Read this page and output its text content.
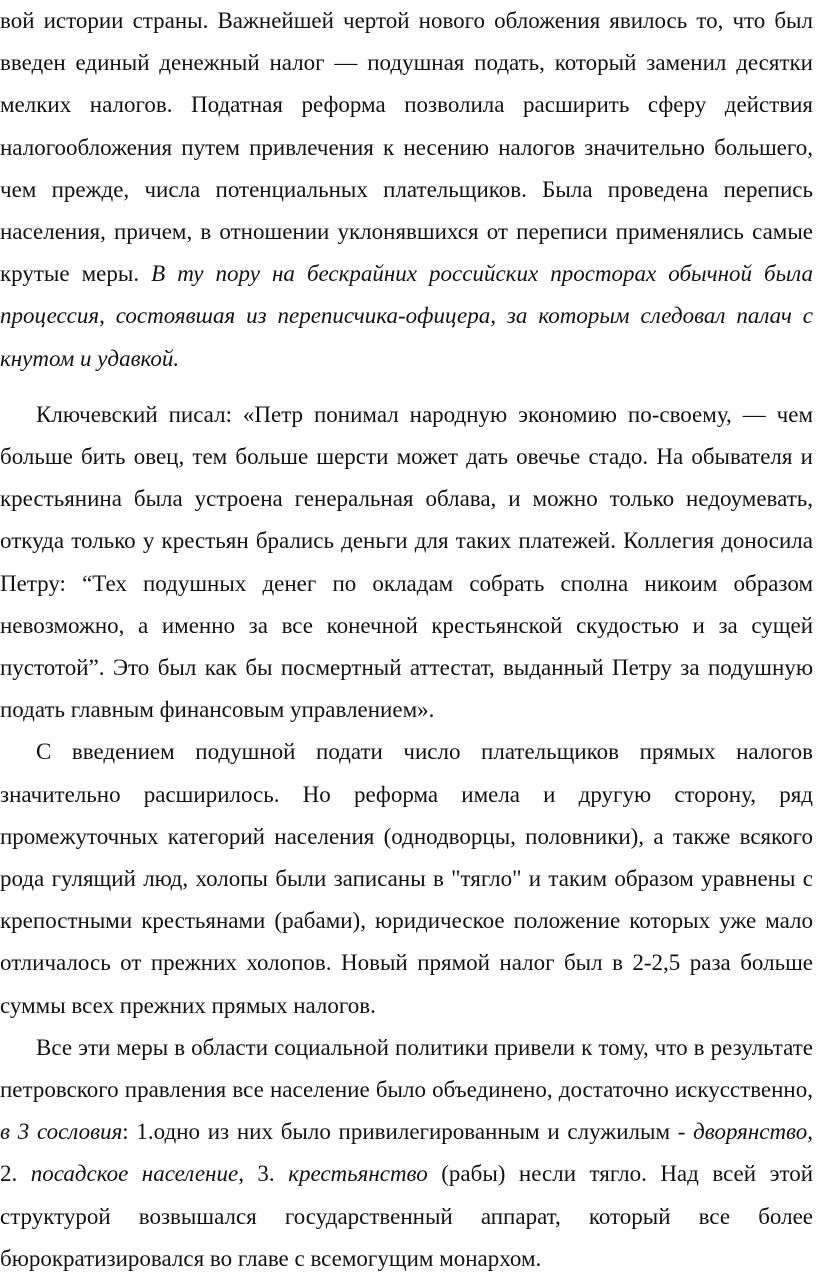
вой истории страны. Важнейшей чертой нового обложения явилось то, что был введен единый денежный налог — подушная подать, который заменил десятки мелких налогов. Податная реформа позволила расширить сферу действия налогообложения путем привлечения к несению налогов значительно большего, чем прежде, числа потенциальных плательщиков. Была проведена перепись населения, причем, в отношении уклонявшихся от переписи применялись самые крутые меры. В ту пору на бескрайних российских просторах обычной была процессия, состоявшая из переписчика-офицера, за которым следовал палач с кнутом и удавкой.

Ключевский писал: «Петр понимал народную экономию по-своему, — чем больше бить овец, тем больше шерсти может дать овечье стадо. На обывателя и крестьянина была устроена генеральная облава, и можно только недоумевать, откуда только у крестьян брались деньги для таких платежей. Коллегия доносила Петру: “Тех подушных денег по окладам собрать сполна никоим образом невозможно, а именно за все конечной крестьянской скудостью и за сущей пустотой”. Это был как бы посмертный аттестат, выданный Петру за подушную подать главным финансовым управлением».

С введением подушной подати число плательщиков прямых налогов значительно расширилось. Но реформа имела и другую сторону, ряд промежуточных категорий населения (однодворцы, половники), а также всякого рода гулящий люд, холопы были записаны в "тягло" и таким образом уравнены с крепостными крестьянами (рабами), юридическое положение которых уже мало отличалось от прежних холопов. Новый прямой налог был в 2-2,5 раза больше суммы всех прежних прямых налогов.

Все эти меры в области социальной политики привели к тому, что в результате петровского правления все население было объединено, достаточно искусственно, в 3 сословия: 1.одно из них было привилегированным и служилым - дворянство, 2. посадское население, 3. крестьянство (рабы) несли тягло. Над всей этой структурой возвышался государственный аппарат, который все более бюрократизировался во главе с всемогущим монархом.
